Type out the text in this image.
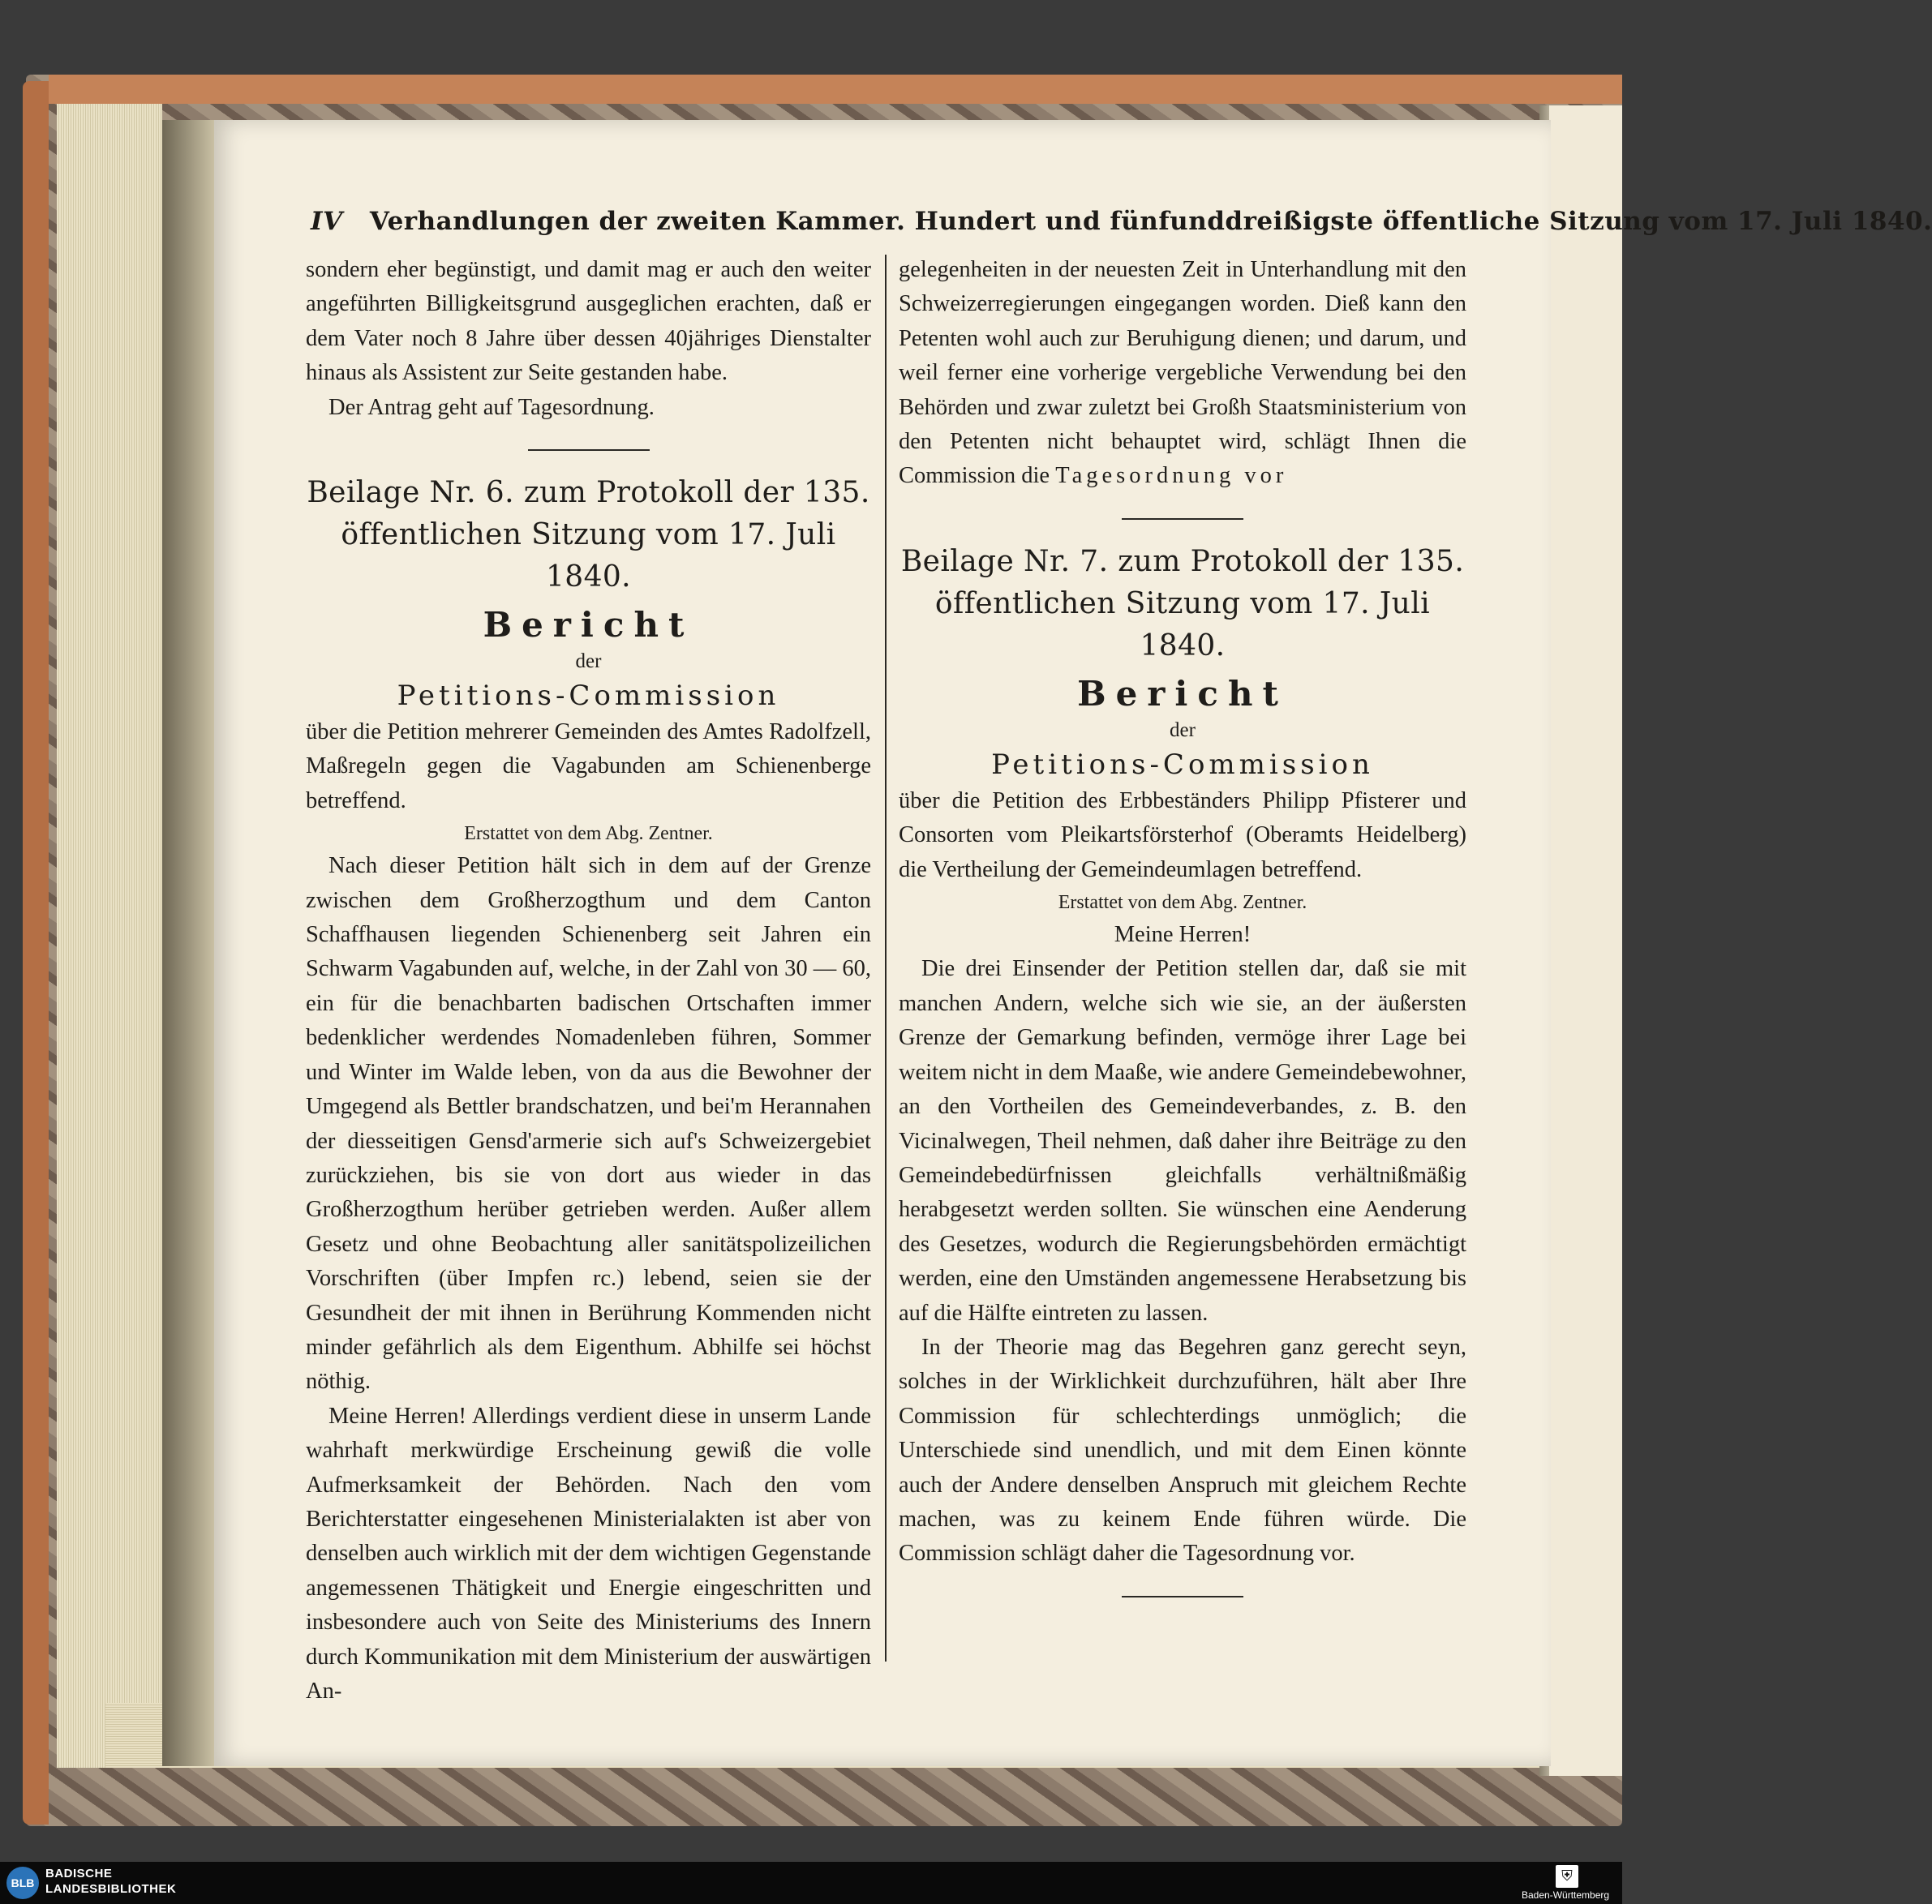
IV Verhandlungen der zweiten Kammer. Hundert und fünfunddreißigste öffentliche Sitzung vom 17. Juli 1840.

sondern eher begünstigt, und damit mag er auch den weiter angeführten Billigkeitsgrund ausgeglichen erachten, daß er dem Vater noch 8 Jahre über dessen 40jähriges Dienstalter hinaus als Assistent zur Seite gestanden habe.

Der Antrag geht auf Tagesordnung.

Beilage Nr. 6. zum Protokoll der 135. öffentlichen Sitzung vom 17. Juli 1840.
Bericht
der
Petitions-Commission

über die Petition mehrerer Gemeinden des Amtes Radolfzell, Maßregeln gegen die Vagabunden am Schienenberge betreffend.

Erstattet von dem Abg. Zentner.

Nach dieser Petition hält sich in dem auf der Grenze zwischen dem Großherzogthum und dem Canton Schaffhausen liegenden Schienenberg seit Jahren ein Schwarm Vagabunden auf, welche, in der Zahl von 30 — 60, ein für die benachbarten badischen Ortschaften immer bedenklicher werdendes Nomadenleben führen, Sommer und Winter im Walde leben, von da aus die Bewohner der Umgegend als Bettler brandschatzen, und bei'm Herannahen der diesseitigen Gensd'armerie sich auf's Schweizergebiet zurückziehen, bis sie von dort aus wieder in das Großherzogthum herüber getrieben werden. Außer allem Gesetz und ohne Beobachtung aller sanitätspolizeilichen Vorschriften (über Impfen rc.) lebend, seien sie der Gesundheit der mit ihnen in Berührung Kommenden nicht minder gefährlich als dem Eigenthum. Abhilfe sei höchst nöthig.

Meine Herren! Allerdings verdient diese in unserm Lande wahrhaft merkwürdige Erscheinung gewiß die volle Aufmerksamkeit der Behörden. Nach den vom Berichterstatter eingesehenen Ministerialakten ist aber von denselben auch wirklich mit der dem wichtigen Gegenstande angemessenen Thätigkeit und Energie eingeschritten und insbesondere auch von Seite des Ministeriums des Innern durch Kommunikation mit dem Ministerium der auswärtigen An-

gelegenheiten in der neuesten Zeit in Unterhandlung mit den Schweizerregierungen eingegangen worden. Dieß kann den Petenten wohl auch zur Beruhigung dienen; und darum, und weil ferner eine vorherige vergebliche Verwendung bei den Behörden und zwar zuletzt bei Großh Staatsministerium von den Petenten nicht behauptet wird, schlägt Ihnen die Commission die Tagesordnung vor

Beilage Nr. 7. zum Protokoll der 135. öffentlichen Sitzung vom 17. Juli 1840.
Bericht
der
Petitions-Commission

über die Petition des Erbbeständers Philipp Pfisterer und Consorten vom Pleikartsförsterhof (Oberamts Heidelberg) die Vertheilung der Gemeindeumlagen betreffend.

Erstattet von dem Abg. Zentner.
Meine Herren!

Die drei Einsender der Petition stellen dar, daß sie mit manchen Andern, welche sich wie sie, an der äußersten Grenze der Gemarkung befinden, vermöge ihrer Lage bei weitem nicht in dem Maaße, wie andere Gemeindebewohner, an den Vortheilen des Gemeindeverbandes, z. B. den Vicinalwegen, Theil nehmen, daß daher ihre Beiträge zu den Gemeindebedürfnissen gleichfalls verhältnißmäßig herabgesetzt werden sollten. Sie wünschen eine Aenderung des Gesetzes, wodurch die Regierungsbehörden ermächtigt werden, eine den Umständen angemessene Herabsetzung bis auf die Hälfte eintreten zu lassen.

In der Theorie mag das Begehren ganz gerecht seyn, solches in der Wirklichkeit durchzuführen, hält aber Ihre Commission für schlechterdings unmöglich; die Unterschiede sind unendlich, und mit dem Einen könnte auch der Andere denselben Anspruch mit gleichem Rechte machen, was zu keinem Ende führen würde. Die Commission schlägt daher die Tagesordnung vor.

BLB
BADISCHE
LANDESBIBLIOTHEK
⛨
Baden-Württemberg
